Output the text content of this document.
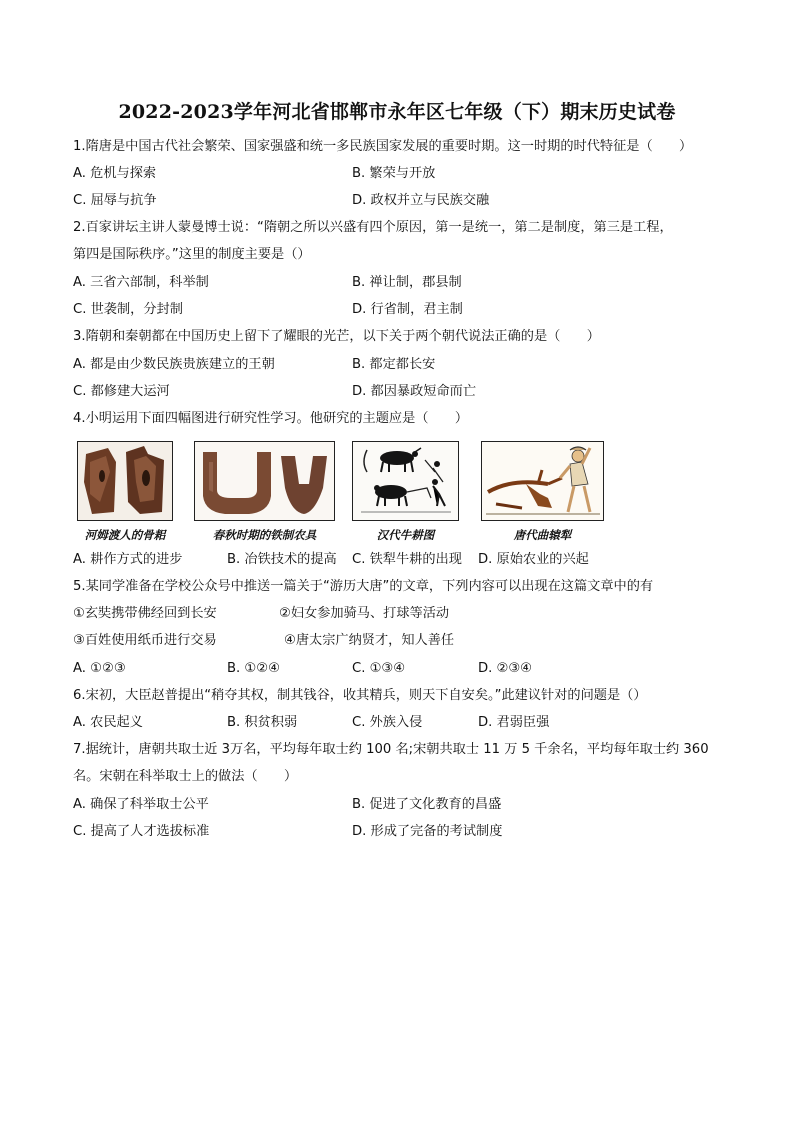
2022-2023学年河北省邯郸市永年区七年级（下）期末历史试卷
1.隋唐是中国古代社会繁荣、国家强盛和统一多民族国家发展的重要时期。这一时期的时代特征是（　　）
A. 危机与探索	B. 繁荣与开放
C. 屈辱与抗争	D. 政权并立与民族交融
2.百家讲坛主讲人蒙曼博士说：“隋朝之所以兴盛有四个原因，第一是统一，第二是制度，第三是工程，
第四是国际秩序。”这里的制度主要是（）
A. 三省六部制，科举制	B. 禅让制，郡县制
C. 世袭制，分封制	D. 行省制，君主制
3.隋朝和秦朝都在中国历史上留下了耀眼的光芒，以下关于两个朝代说法正确的是（　　）
A. 都是由少数民族贵族建立的王朝	B. 都定都长安
C. 都修建大运河	D. 都因暴政短命而亡
4.小明运用下面四幅图进行研究性学习。他研究的主题应是（　　）
河姆渡人的骨耜	春秋时期的铁制农具	汉代牛耕图	唐代曲辕犁
A. 耕作方式的进步	B. 冶铁技术的提高 C. 铁犁牛耕的出现 D. 原始农业的兴起
5.某同学准备在学校公众号中推送一篇关于“游历大唐”的文章，下列内容可以出现在这篇文章中的有
①玄奘携带佛经回到长安	②妇女参加骑马、打球等活动
③百姓使用纸币进行交易	④唐太宗广纳贤才，知人善任
A. ①②③	B. ①②④	C. ①③④	D. ②③④
6.宋初，大臣赵普提出“稍夺其权，制其钱谷，收其精兵，则天下自安矣。”此建议针对的问题是（）
A. 农民起义	B. 积贫积弱	C. 外族入侵	D. 君弱臣强
7.据统计，唐朝共取士近 3万名，平均每年取士约 100 名;宋朝共取士 11 万 5 千余名，平均每年取士约 360
名。宋朝在科举取士上的做法（　　）
A. 确保了科举取士公平	B. 促进了文化教育的昌盛
C. 提高了人才选拔标准	D. 形成了完备的考试制度
